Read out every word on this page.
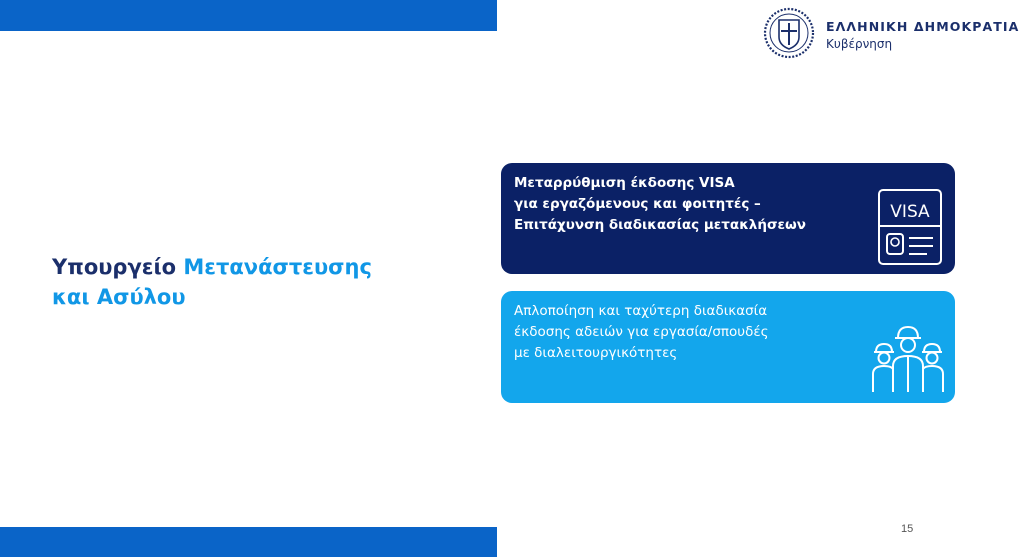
ΕΛΛΗΝΙΚΗ ΔΗΜΟΚΡΑΤΙΑ
Κυβέρνηση
Υπουργείο Μετανάστευσης
και Ασύλου
Μεταρρύθμιση έκδοσης VISA
για εργαζόμενους και φοιτητές –
Επιτάχυνση διαδικασίας μετακλήσεων
VISA
Απλοποίηση και ταχύτερη διαδικασία
έκδοσης αδειών για εργασία/σπουδές
με διαλειτουργικότητες
15
